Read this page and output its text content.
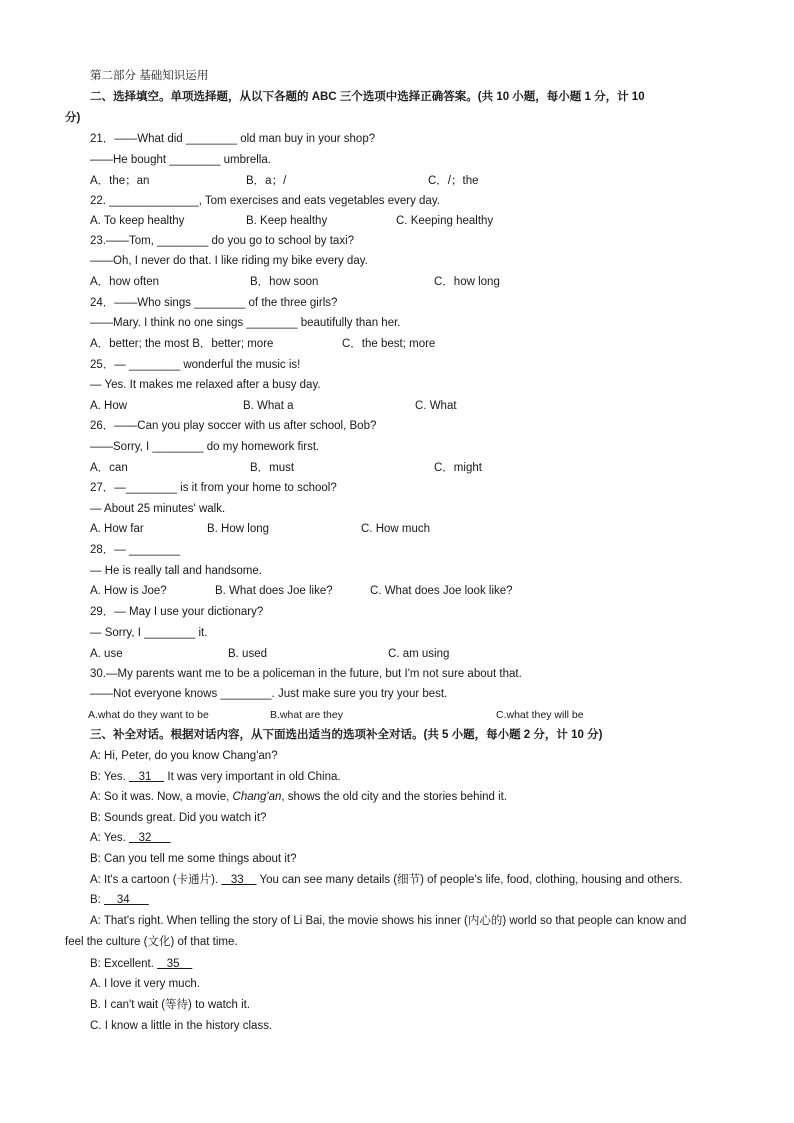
第二部分 基础知识运用
二、选择填空。单项选择题，从以下各题的 ABC 三个选项中选择正确答案。(共 10 小题，每小题 1 分，计 10
分)
21．——What did ________ old man buy in your shop?
——He bought ________ umbrella.
A．the；an	B．a；/	C．/；the
22. ______________, Tom exercises and eats vegetables every day.
A. To keep healthy	B. Keep healthy	C. Keeping healthy
23.——Tom, ________ do you go to school by taxi?
——Oh, I never do that. I like riding my bike every day.
A．how often	B．how soon	C．how long
24．——Who sings ________ of the three girls?
——Mary. I think no one sings ________ beautifully than her.
A．better; the most B．better; more	C．the best; more
25．— ________ wonderful the music is!
— Yes. It makes me relaxed after a busy day.
A. How	B. What a	C. What
26．——Can you play soccer with us after school, Bob?
——Sorry, I ________ do my homework first.
A．can	B．must	C．might
27．—________ is it from your home to school?
— About 25 minutes' walk.
A. How far	B. How long	C. How much
28．— ________
— He is really tall and handsome.
A. How is Joe?	B. What does Joe like?	C. What does Joe look like?
29．— May I use your dictionary?
— Sorry, I ________ it.
A. use	B. used	C. am using
30.—My parents want me to be a policeman in the future, but I'm not sure about that.
——Not everyone knows ________. Just make sure you try your best.
A.what do they want to be	B.what are they	C.what they will be
三、补全对话。根据对话内容，从下面选出适当的选项补全对话。(共 5 小题，每小题 2 分，计 10 分)
A: Hi, Peter, do you know Chang'an?
B: Yes.    31     It was very important in old China.
A: So it was. Now, a movie, Chang'an, shows the old city and the stories behind it.
B: Sounds great. Did you watch it?
A: Yes.    32
B: Can you tell me some things about it?
A: It's a cartoon (卡通片).    33     You can see many details (细节) of people's life, food, clothing, housing and others.
B:     34
A: That's right. When telling the story of Li Bai, the movie shows his inner (内心的) world so that people can know and
feel the culture (文化) of that time.
B: Excellent.    35
A. I love it very much.
B. I can't wait (等待) to watch it.
C. I know a little in the history class.
